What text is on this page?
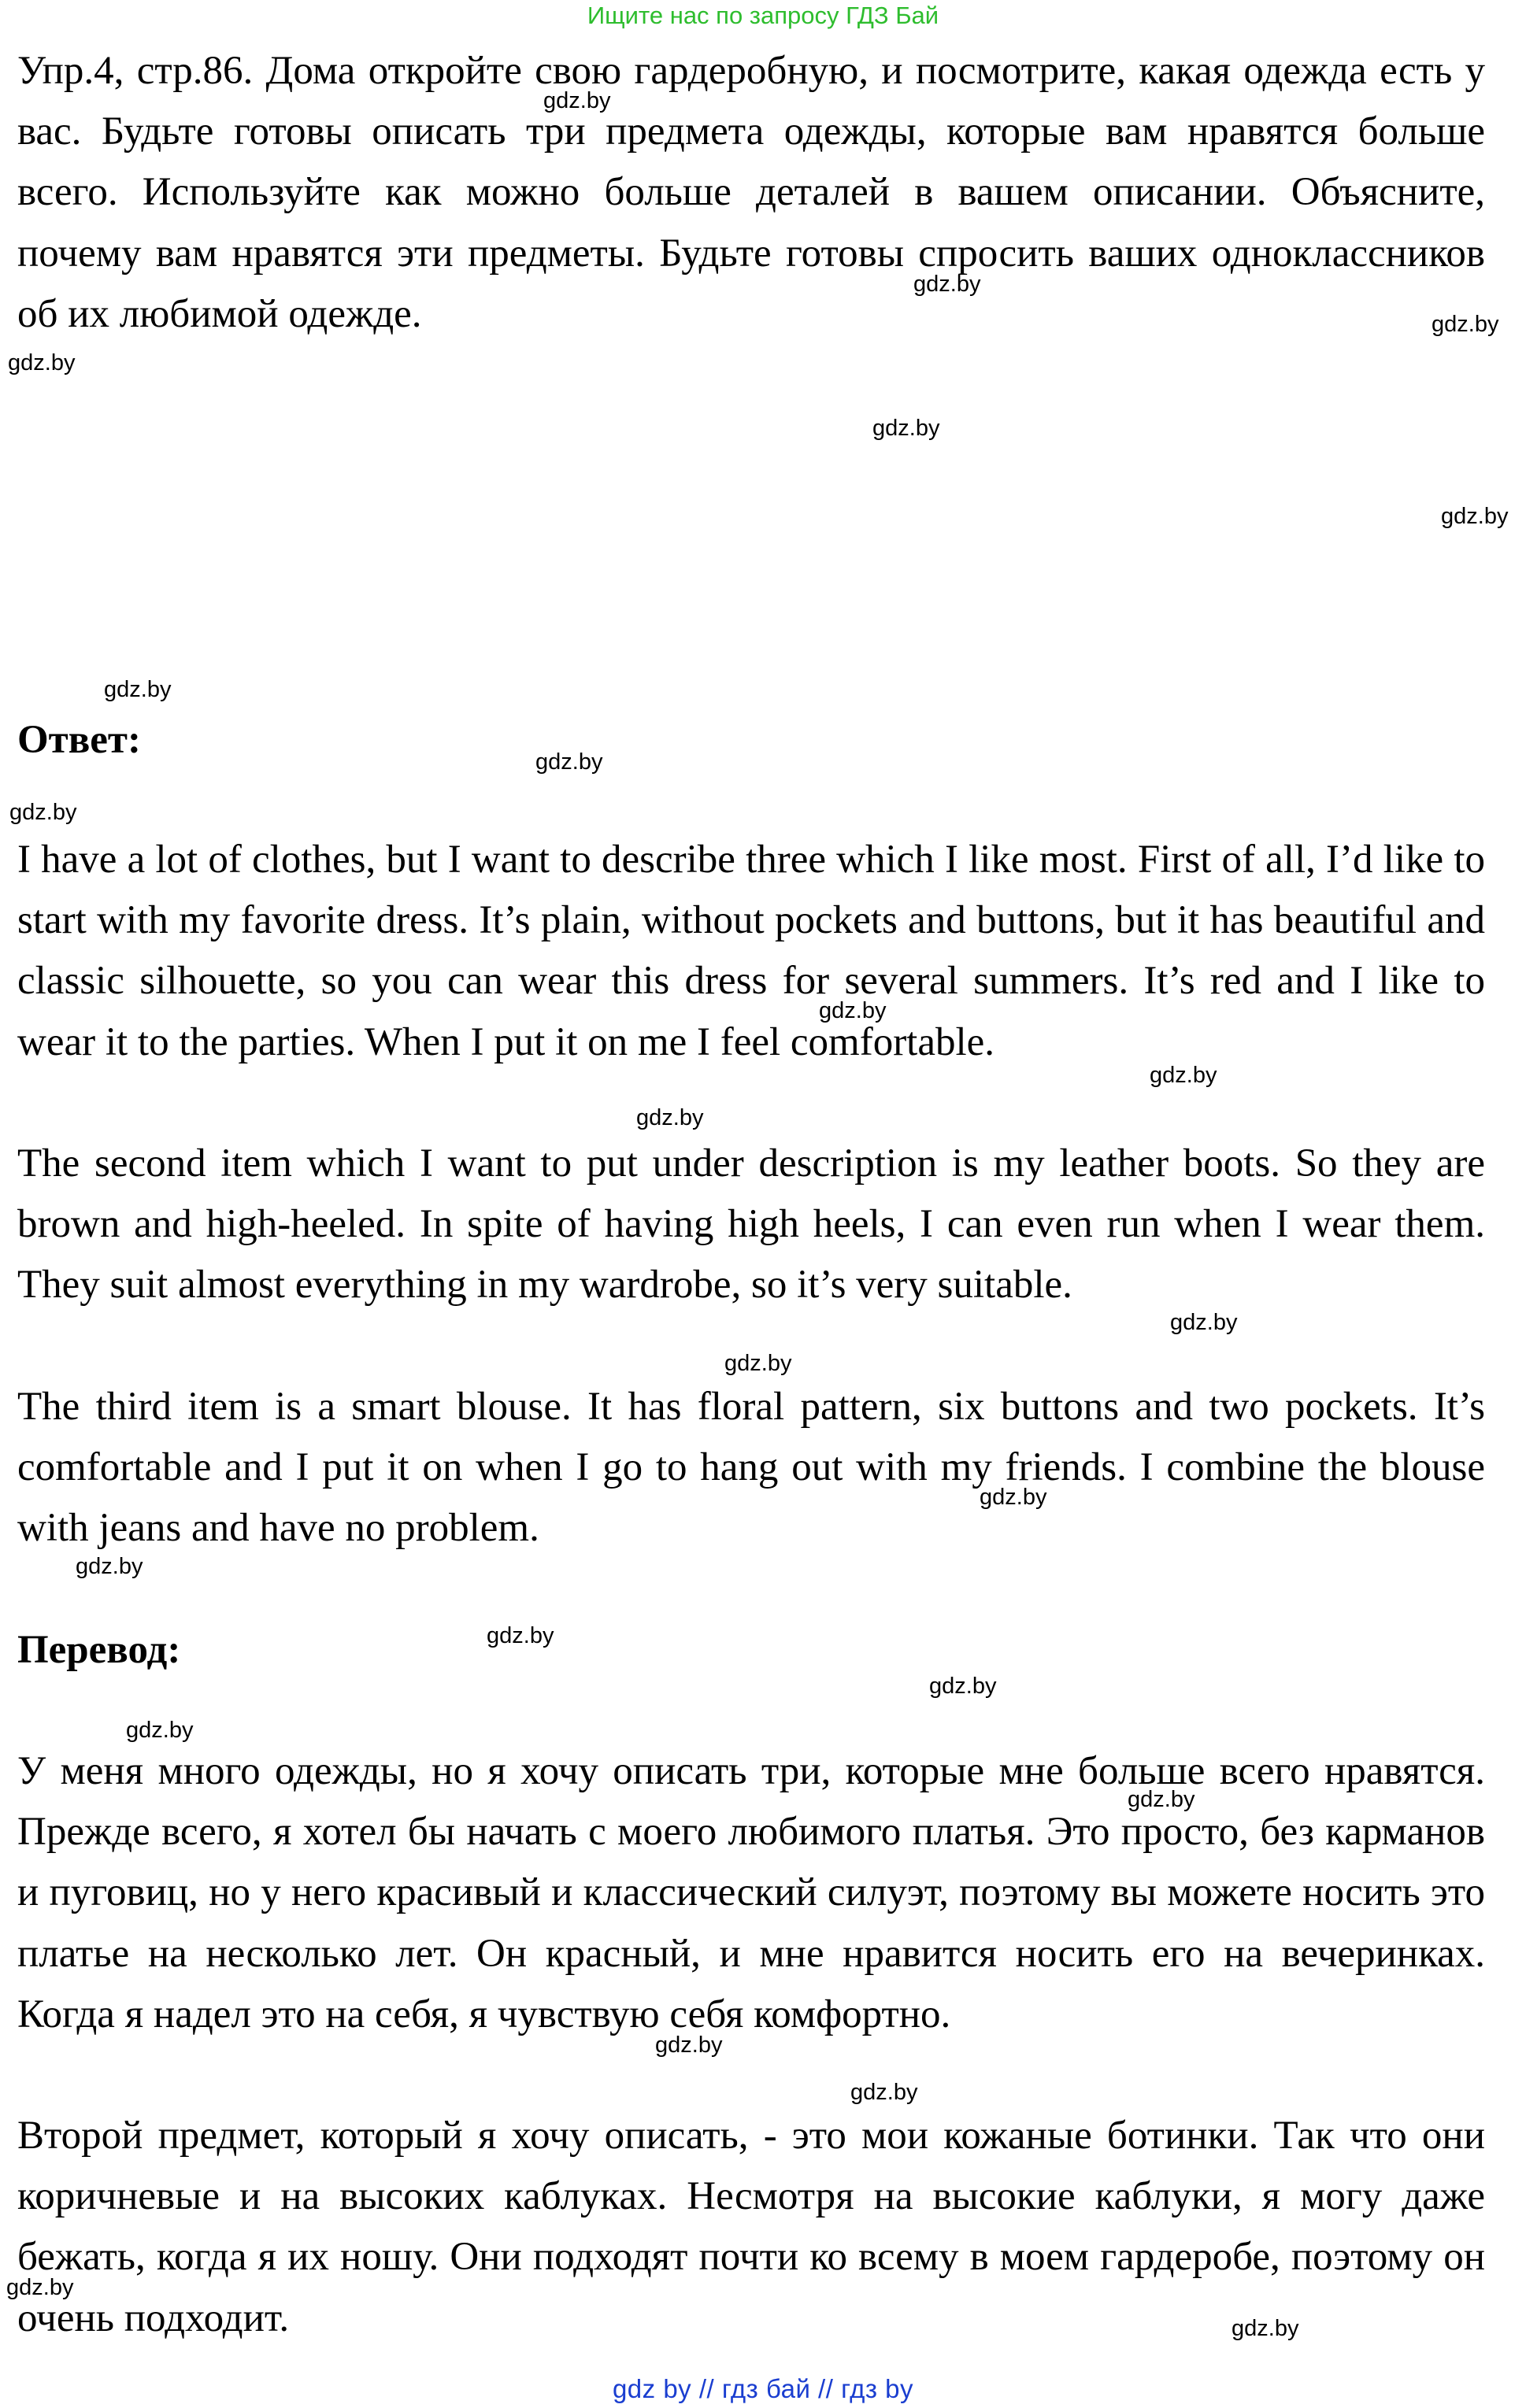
Ищите нас по запросу ГДЗ Бай
Упр.4, стр.86. Дома откройте свою гардеробную, и посмотрите, какая одежда есть у вас. Будьте готовы описать три предмета одежды, которые вам нравятся больше всего. Используйте как можно больше деталей в вашем описании. Объясните, почему вам нравятся эти предметы. Будьте готовы спросить ваших одноклассников об их любимой одежде.
Ответ:
I have a lot of clothes, but I want to describe three which I like most. First of all, I’d like to start with my favorite dress. It’s plain, without pockets and buttons, but it has beautiful and classic silhouette, so you can wear this dress for several summers. It’s red and I like to wear it to the parties. When I put it on me I feel comfortable.
The second item which I want to put under description is my leather boots. So they are brown and high-heeled. In spite of having high heels, I can even run when I wear them. They suit almost everything in my wardrobe, so it’s very suitable.
The third item is a smart blouse. It has floral pattern, six buttons and two pockets. It’s comfortable and I put it on when I go to hang out with my friends. I combine the blouse with jeans and have no problem.
Перевод:
У меня много одежды, но я хочу описать три, которые мне больше всего нравятся. Прежде всего, я хотел бы начать с моего любимого платья. Это просто, без карманов и пуговиц, но у него красивый и классический силуэт, поэтому вы можете носить это платье на несколько лет. Он красный, и мне нравится носить его на вечеринках. Когда я надел это на себя, я чувствую себя комфортно.
Второй предмет, который я хочу описать, - это мои кожаные ботинки. Так что они коричневые и на высоких каблуках. Несмотря на высокие каблуки, я могу даже бежать, когда я их ношу. Они подходят почти ко всему в моем гардеробе, поэтому он очень подходит.
gdz.by
gdz.by
gdz.by
gdz.by
gdz.by
gdz.by
gdz.by
gdz.by
gdz.by
gdz.by
gdz.by
gdz.by
gdz.by
gdz.by
gdz.by
gdz.by
gdz.by
gdz.by
gdz.by
gdz.by
gdz.by
gdz.by
gdz.by
gdz.by
gdz by // гдз бай // гдз by
